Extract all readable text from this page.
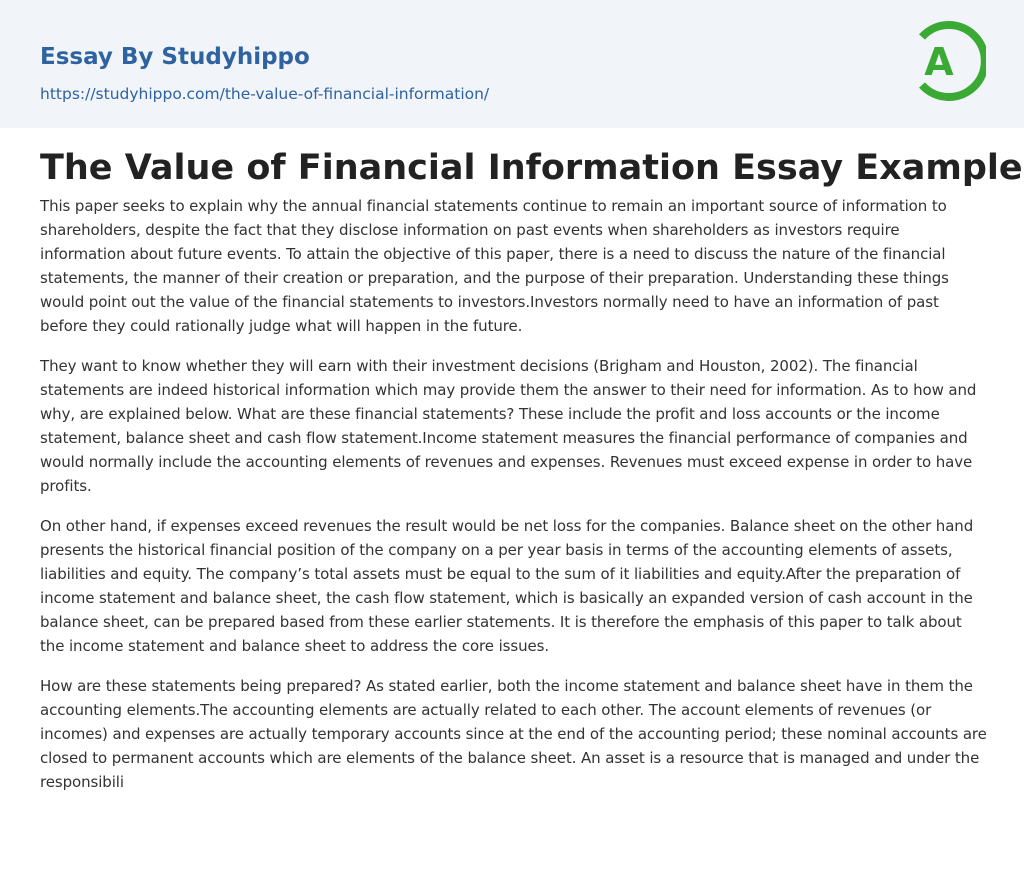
Essay By Studyhippo
https://studyhippo.com/the-value-of-financial-information/
A
The Value of Financial Information Essay Example

This paper seeks to explain why the annual financial statements continue to remain an important source of information to shareholders, despite the fact that they disclose information on past events when shareholders as investors require information about future events. To attain the objective of this paper, there is a need to discuss the nature of the financial statements, the manner of their creation or preparation, and the purpose of their preparation. Understanding these things would point out the value of the financial statements to investors.Investors normally need to have an information of past before they could rationally judge what will happen in the future.

They want to know whether they will earn with their investment decisions (Brigham and Houston, 2002). The financial statements are indeed historical information which may provide them the answer to their need for information. As to how and why, are explained below. What are these financial statements? These include the profit and loss accounts or the income statement, balance sheet and cash flow statement.Income statement measures the financial performance of companies and would normally include the accounting elements of revenues and expenses. Revenues must exceed expense in order to have profits.

On other hand, if expenses exceed revenues the result would be net loss for the companies. Balance sheet on the other hand presents the historical financial position of the company on a per year basis in terms of the accounting elements of assets, liabilities and equity. The company’s total assets must be equal to the sum of it liabilities and equity.After the preparation of income statement and balance sheet, the cash flow statement, which is basically an expanded version of cash account in the balance sheet, can be prepared based from these earlier statements. It is therefore the emphasis of this paper to talk about the income statement and balance sheet to address the core issues.

How are these statements being prepared? As stated earlier, both the income statement and balance sheet have in them the accounting elements.The accounting elements are actually related to each other. The account elements of revenues (or incomes) and expenses are actually temporary accounts since at the end of the accounting period; these nominal accounts are closed to permanent accounts which are elements of the balance sheet. An asset is a resource that is managed and under the responsibili
